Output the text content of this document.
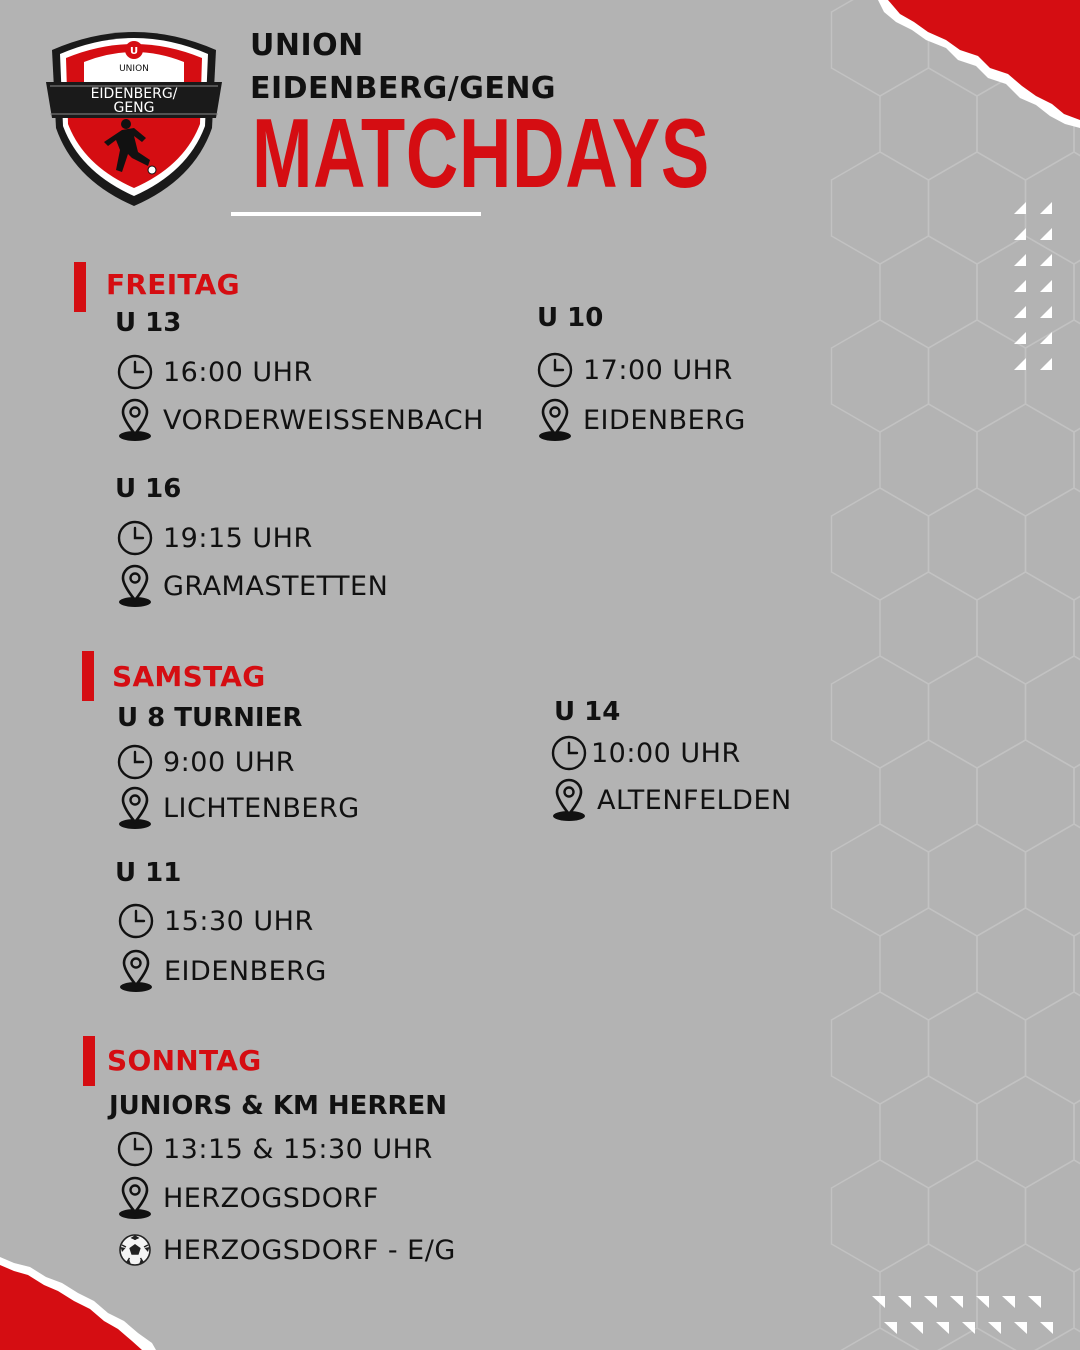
U
UNION
EIDENBERG/
GENG
UNION
EIDENBERG/GENG
MATCHDAYS
FREITAG
U 13
16:00 UHR
VORDERWEISSENBACH
U 10
17:00 UHR
EIDENBERG
U 16
19:15 UHR
GRAMASTETTEN
SAMSTAG
U 8 TURNIER
9:00 UHR
LICHTENBERG
U 14
10:00 UHR
ALTENFELDEN
U 11
15:30 UHR
EIDENBERG
SONNTAG
JUNIORS & KM HERREN
13:15 & 15:30 UHR
HERZOGSDORF
HERZOGSDORF - E/G
